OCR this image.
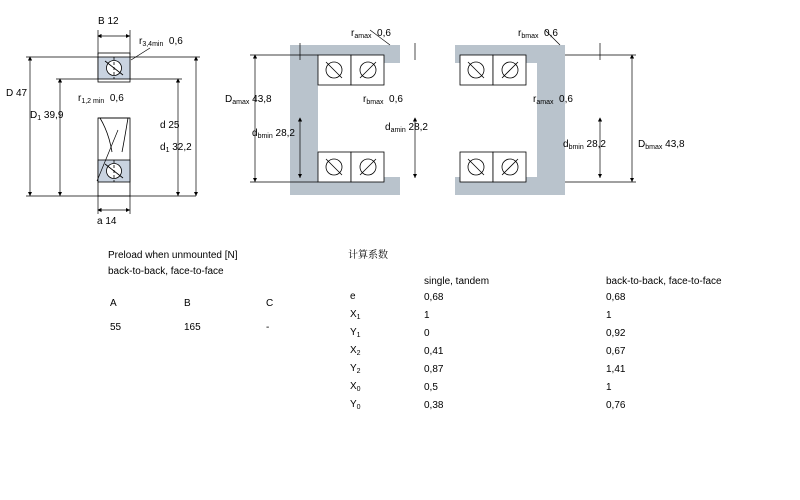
B 12
$r_{3,4min}$ 0,6
D 47	$r_{1,2 min}$ 0,6
$D_1$ 39,9
d 25
$d_1$ 32,2
a 14
$r_{amax}$ 0,6
$D_{amax}$ 43,8	$r_{bmax}$ 0,6
$d_{bmin}$ 28,2
$r_{bmax}$ 0,6
$r_{amax}$ 0,6
$d_{amin}$ 28,2
$d_{bmin}$ 28,2	$D_{bmax}$ 43,8
Preload when unmounted [N]
back-to-back, face-to-face
A	B	C
55	165	-
计算系数
	single, tandem	back-to-back, face-to-face
e	0,68	0,68
$X_1$	1	1
$Y_1$	0	0,92
$X_2$	0,41	0,67
$Y_2$	0,87	1,41
$X_0$	0,5	1
$Y_0$	0,38	0,76
